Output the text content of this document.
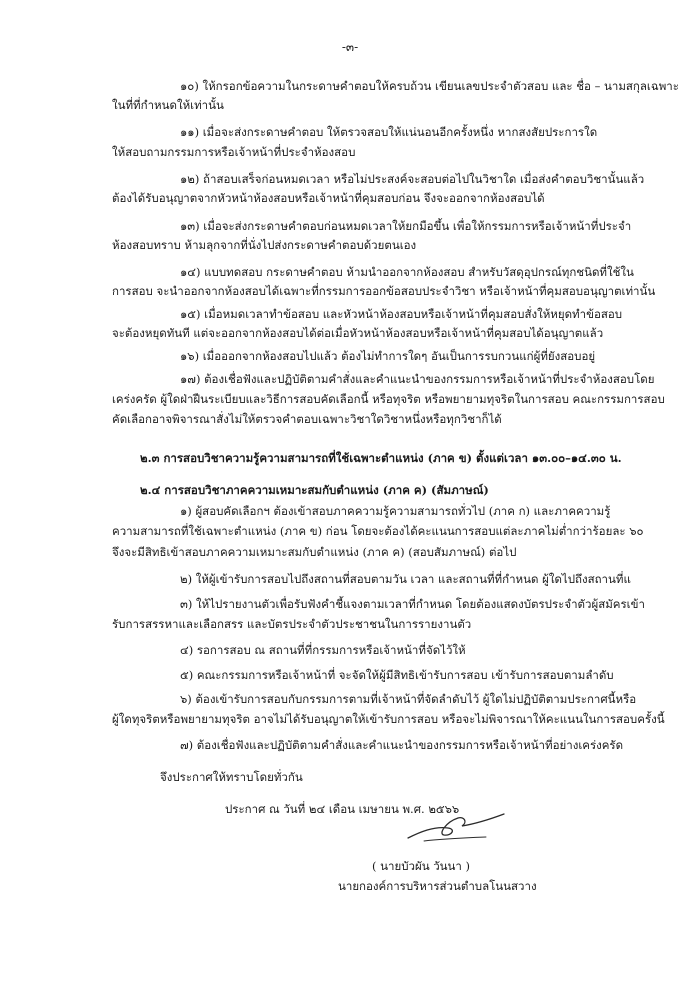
-๓-
๑๐) ให้กรอกข้อความในกระดาษคำตอบให้ครบถ้วน เขียนเลขประจำตัวสอบ และ ชื่อ – นามสกุลเฉพาะ
ในที่ที่กำหนดให้เท่านั้น
๑๑) เมื่อจะส่งกระดาษคำตอบ ให้ตรวจสอบให้แน่นอนอีกครั้งหนึ่ง หากสงสัยประการใด
ให้สอบถามกรรมการหรือเจ้าหน้าที่ประจำห้องสอบ
๑๒) ถ้าสอบเสร็จก่อนหมดเวลา หรือไม่ประสงค์จะสอบต่อไปในวิชาใด เมื่อส่งคำตอบวิชานั้นแล้ว
ต้องได้รับอนุญาตจากหัวหน้าห้องสอบหรือเจ้าหน้าที่คุมสอบก่อน จึงจะออกจากห้องสอบได้
๑๓) เมื่อจะส่งกระดาษคำตอบก่อนหมดเวลาให้ยกมือขึ้น เพื่อให้กรรมการหรือเจ้าหน้าที่ประจำ
ห้องสอบทราบ ห้ามลุกจากที่นั่งไปส่งกระดาษคำตอบด้วยตนเอง
๑๔) แบบทดสอบ กระดาษคำตอบ ห้ามนำออกจากห้องสอบ สำหรับวัสดุอุปกรณ์ทุกชนิดที่ใช้ใน
การสอบ จะนำออกจากห้องสอบได้เฉพาะที่กรรมการออกข้อสอบประจำวิชา หรือเจ้าหน้าที่คุมสอบอนุญาตเท่านั้น
๑๕) เมื่อหมดเวลาทำข้อสอบ และหัวหน้าห้องสอบหรือเจ้าหน้าที่คุมสอบสั่งให้หยุดทำข้อสอบ
จะต้องหยุดทันที แต่จะออกจากห้องสอบได้ต่อเมื่อหัวหน้าห้องสอบหรือเจ้าหน้าที่คุมสอบได้อนุญาตแล้ว
๑๖) เมื่อออกจากห้องสอบไปแล้ว ต้องไม่ทำการใดๆ อันเป็นการรบกวนแก่ผู้ที่ยังสอบอยู่
๑๗) ต้องเชื่อฟังและปฏิบัติตามคำสั่งและคำแนะนำของกรรมการหรือเจ้าหน้าที่ประจำห้องสอบโดย
เคร่งครัด ผู้ใดฝ่าฝืนระเบียบและวิธีการสอบคัดเลือกนี้ หรือทุจริต หรือพยายามทุจริตในการสอบ คณะกรรมการสอบ
คัดเลือกอาจพิจารณาสั่งไม่ให้ตรวจคำตอบเฉพาะวิชาใดวิชาหนึ่งหรือทุกวิชาก็ได้
๒.๓ การสอบวิชาความรู้ความสามารถที่ใช้เฉพาะตำแหน่ง (ภาค ข) ตั้งแต่เวลา ๑๓.๐๐–๑๔.๓๐ น.
๒.๔ การสอบวิชาภาคความเหมาะสมกับตำแหน่ง (ภาค ค) (สัมภาษณ์)
๑) ผู้สอบคัดเลือกฯ ต้องเข้าสอบภาคความรู้ความสามารถทั่วไป (ภาค ก) และภาคความรู้
ความสามารถที่ใช้เฉพาะตำแหน่ง (ภาค ข) ก่อน โดยจะต้องได้คะแนนการสอบแต่ละภาคไม่ต่ำกว่าร้อยละ ๖๐
จึงจะมีสิทธิเข้าสอบภาคความเหมาะสมกับตำแหน่ง (ภาค ค) (สอบสัมภาษณ์) ต่อไป
๒) ให้ผู้เข้ารับการสอบไปถึงสถานที่สอบตามวัน เวลา และสถานที่ที่กำหนด ผู้ใดไปถึงสถานที่แ
๓) ให้ไปรายงานตัวเพื่อรับฟังคำชี้แจงตามเวลาที่กำหนด โดยต้องแสดงบัตรประจำตัวผู้สมัครเข้า
รับการสรรหาและเลือกสรร และบัตรประจำตัวประชาชนในการรายงานตัว
๔) รอการสอบ ณ สถานที่ที่กรรมการหรือเจ้าหน้าที่จัดไว้ให้
๕) คณะกรรมการหรือเจ้าหน้าที่ จะจัดให้ผู้มีสิทธิเข้ารับการสอบ เข้ารับการสอบตามลำดับ
๖) ต้องเข้ารับการสอบกับกรรมการตามที่เจ้าหน้าที่จัดลำดับไว้ ผู้ใดไม่ปฏิบัติตามประกาศนี้หรือ
ผู้ใดทุจริตหรือพยายามทุจริต อาจไม่ได้รับอนุญาตให้เข้ารับการสอบ หรือจะไม่พิจารณาให้คะแนนในการสอบครั้งนี้
๗) ต้องเชื่อฟังและปฏิบัติตามคำสั่งและคำแนะนำของกรรมการหรือเจ้าหน้าที่อย่างเคร่งครัด
จึงประกาศให้ทราบโดยทั่วกัน
ประกาศ ณ วันที่ ๒๔ เดือน เมษายน พ.ศ. ๒๕๖๖
( นายบัวผัน วันนา )
นายกองค์การบริหารส่วนตำบลโนนสวาง
